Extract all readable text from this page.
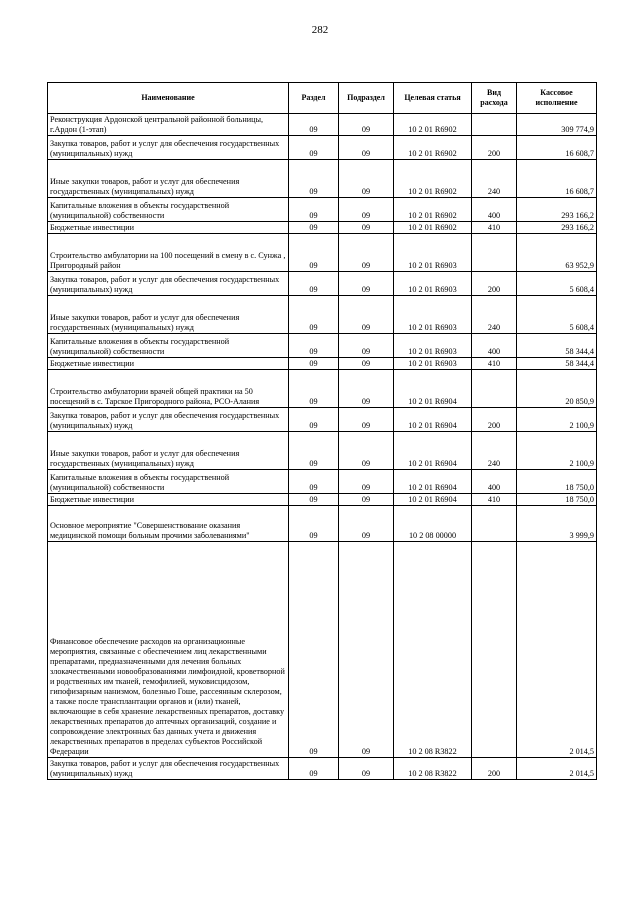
282
Наименование	Раздел	Подраздел	Целевая статья	Вид расхода	Кассовое исполнение
Реконструкция Ардонской центральной районной больницы, г.Ардон (1-этап)	09	09	10 2 01 R6902		309 774,9
Закупка товаров, работ и услуг для обеспечения государственных (муниципальных) нужд	09	09	10 2 01 R6902	200	16 608,7
Иные закупки товаров, работ и услуг для обеспечения государственных (муниципальных) нужд	09	09	10 2 01 R6902	240	16 608,7
Капитальные вложения в объекты государственной (муниципальной) собственности	09	09	10 2 01 R6902	400	293 166,2
Бюджетные инвестиции	09	09	10 2 01 R6902	410	293 166,2
Строительство амбулатории на 100 посещений в смену в с. Сунжа , Пригородный район	09	09	10 2 01 R6903		63 952,9
Закупка товаров, работ и услуг для обеспечения государственных (муниципальных) нужд	09	09	10 2 01 R6903	200	5 608,4
Иные закупки товаров, работ и услуг для обеспечения государственных (муниципальных) нужд	09	09	10 2 01 R6903	240	5 608,4
Капитальные вложения в объекты государственной (муниципальной) собственности	09	09	10 2 01 R6903	400	58 344,4
Бюджетные инвестиции	09	09	10 2 01 R6903	410	58 344,4
Строительство амбулатории врачей общей практики на 50 посещений в с. Тарское Пригородного района, РСО-Алания	09	09	10 2 01 R6904		20 850,9
Закупка товаров, работ и услуг для обеспечения государственных (муниципальных) нужд	09	09	10 2 01 R6904	200	2 100,9
Иные закупки товаров, работ и услуг для обеспечения государственных (муниципальных) нужд	09	09	10 2 01 R6904	240	2 100,9
Капитальные вложения в объекты государственной (муниципальной) собственности	09	09	10 2 01 R6904	400	18 750,0
Бюджетные инвестиции	09	09	10 2 01 R6904	410	18 750,0
Основное мероприятие "Совершенствование оказания медицинской помощи больным прочими заболеваниями"	09	09	10 2 08 00000		3 999,9
Финансовое обеспечение расходов на организационные мероприятия, связанные с обеспечением лиц лекарственными препаратами, предназначенными для лечения больных злокачественными новообразованиями лимфоидной, кроветворной и родственных им тканей, гемофилией, муковисцидозом, гипофизарным нанизмом, болезнью Гоше, рассеянным склерозом, а также после трансплантации органов и (или) тканей, включающие в себя хранение лекарственных препаратов, доставку лекарственных препаратов до аптечных организаций, создание и сопровождение электронных баз данных учета и движения лекарственных препаратов в пределах субъектов Российской Федерации	09	09	10 2 08 R3822		2 014,5
Закупка товаров, работ и услуг для обеспечения государственных (муниципальных) нужд	09	09	10 2 08 R3822	200	2 014,5
